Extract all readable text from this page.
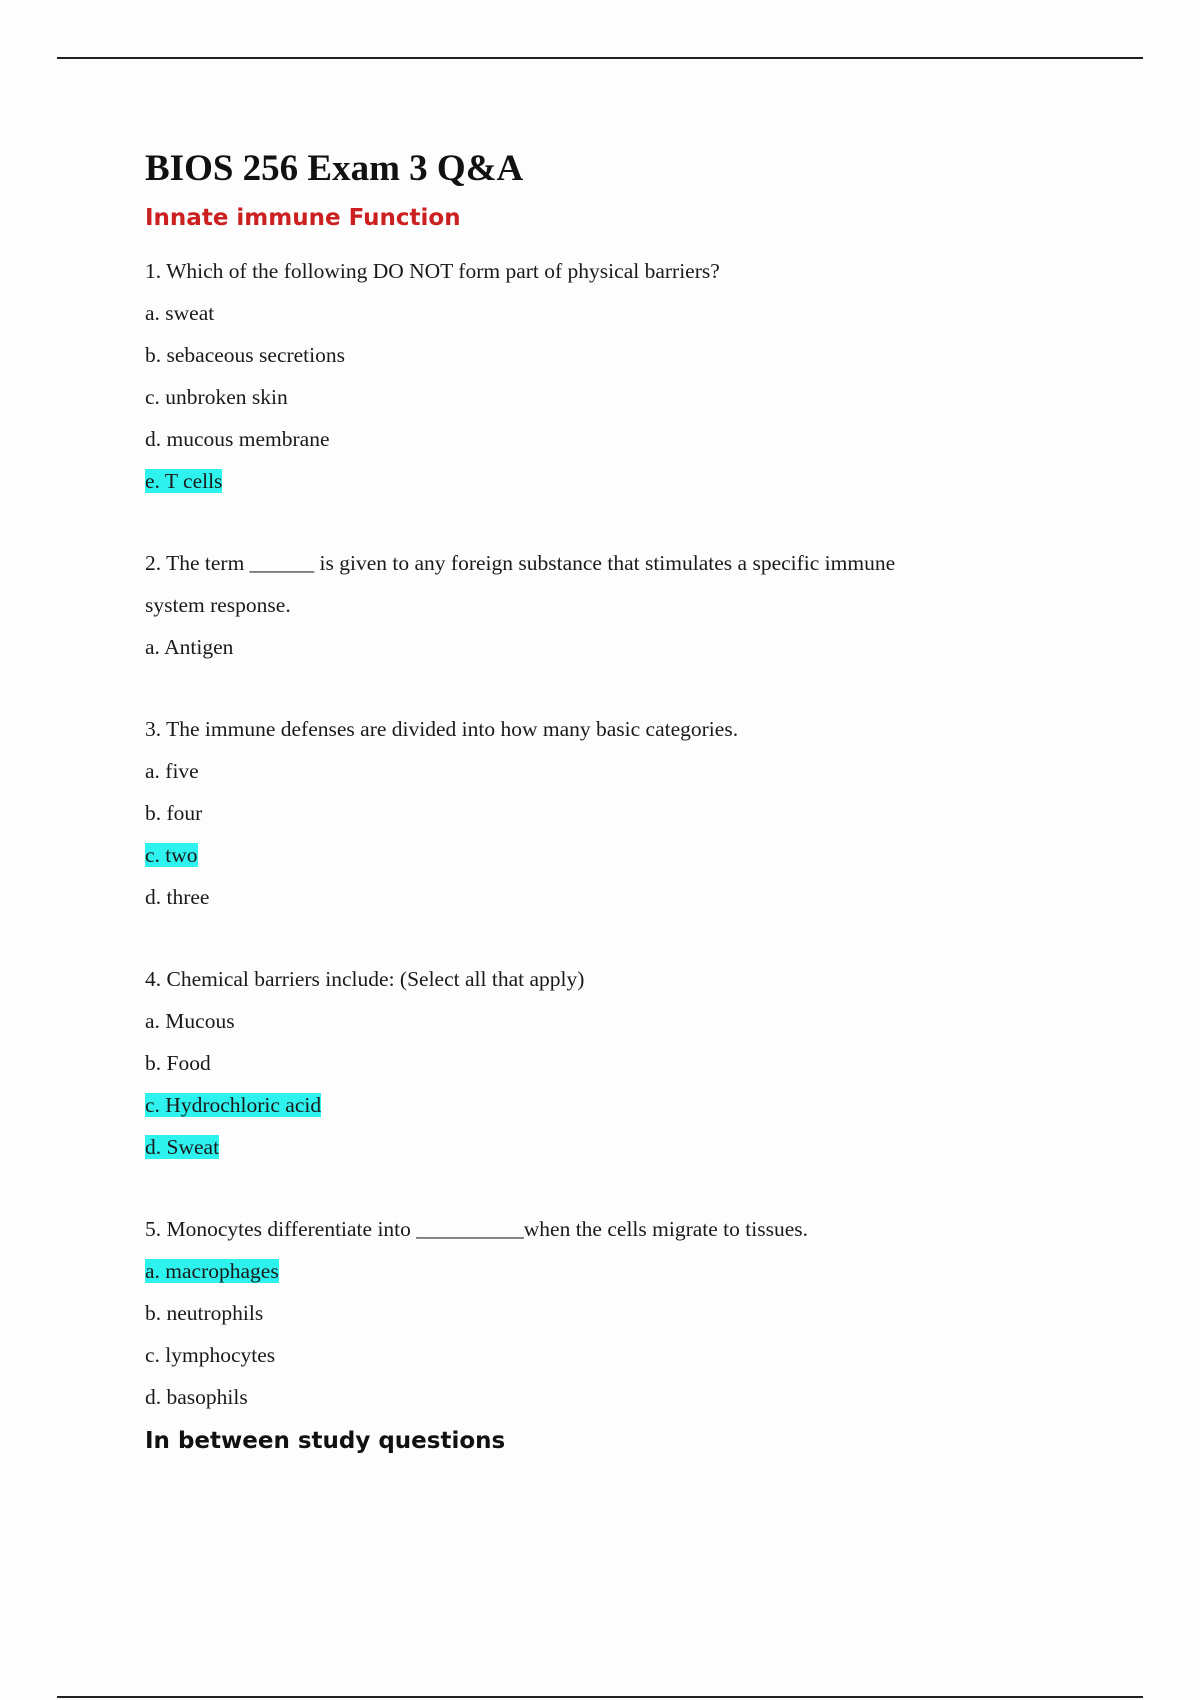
BIOS 256 Exam 3 Q&A
Innate immune Function

1. Which of the following DO NOT form part of physical barriers?

a. sweat

b. sebaceous secretions

c. unbroken skin

d. mucous membrane

e. T cells

2. The term ______ is given to any foreign substance that stimulates a specific immune

system response.

a. Antigen

3. The immune defenses are divided into how many basic categories.

a. five

b. four

c. two

d. three

4. Chemical barriers include: (Select all that apply)

a. Mucous

b. Food

c. Hydrochloric acid

d. Sweat

5. Monocytes differentiate into __________when the cells migrate to tissues.

a. macrophages

b. neutrophils

c. lymphocytes

d. basophils

In between study questions
